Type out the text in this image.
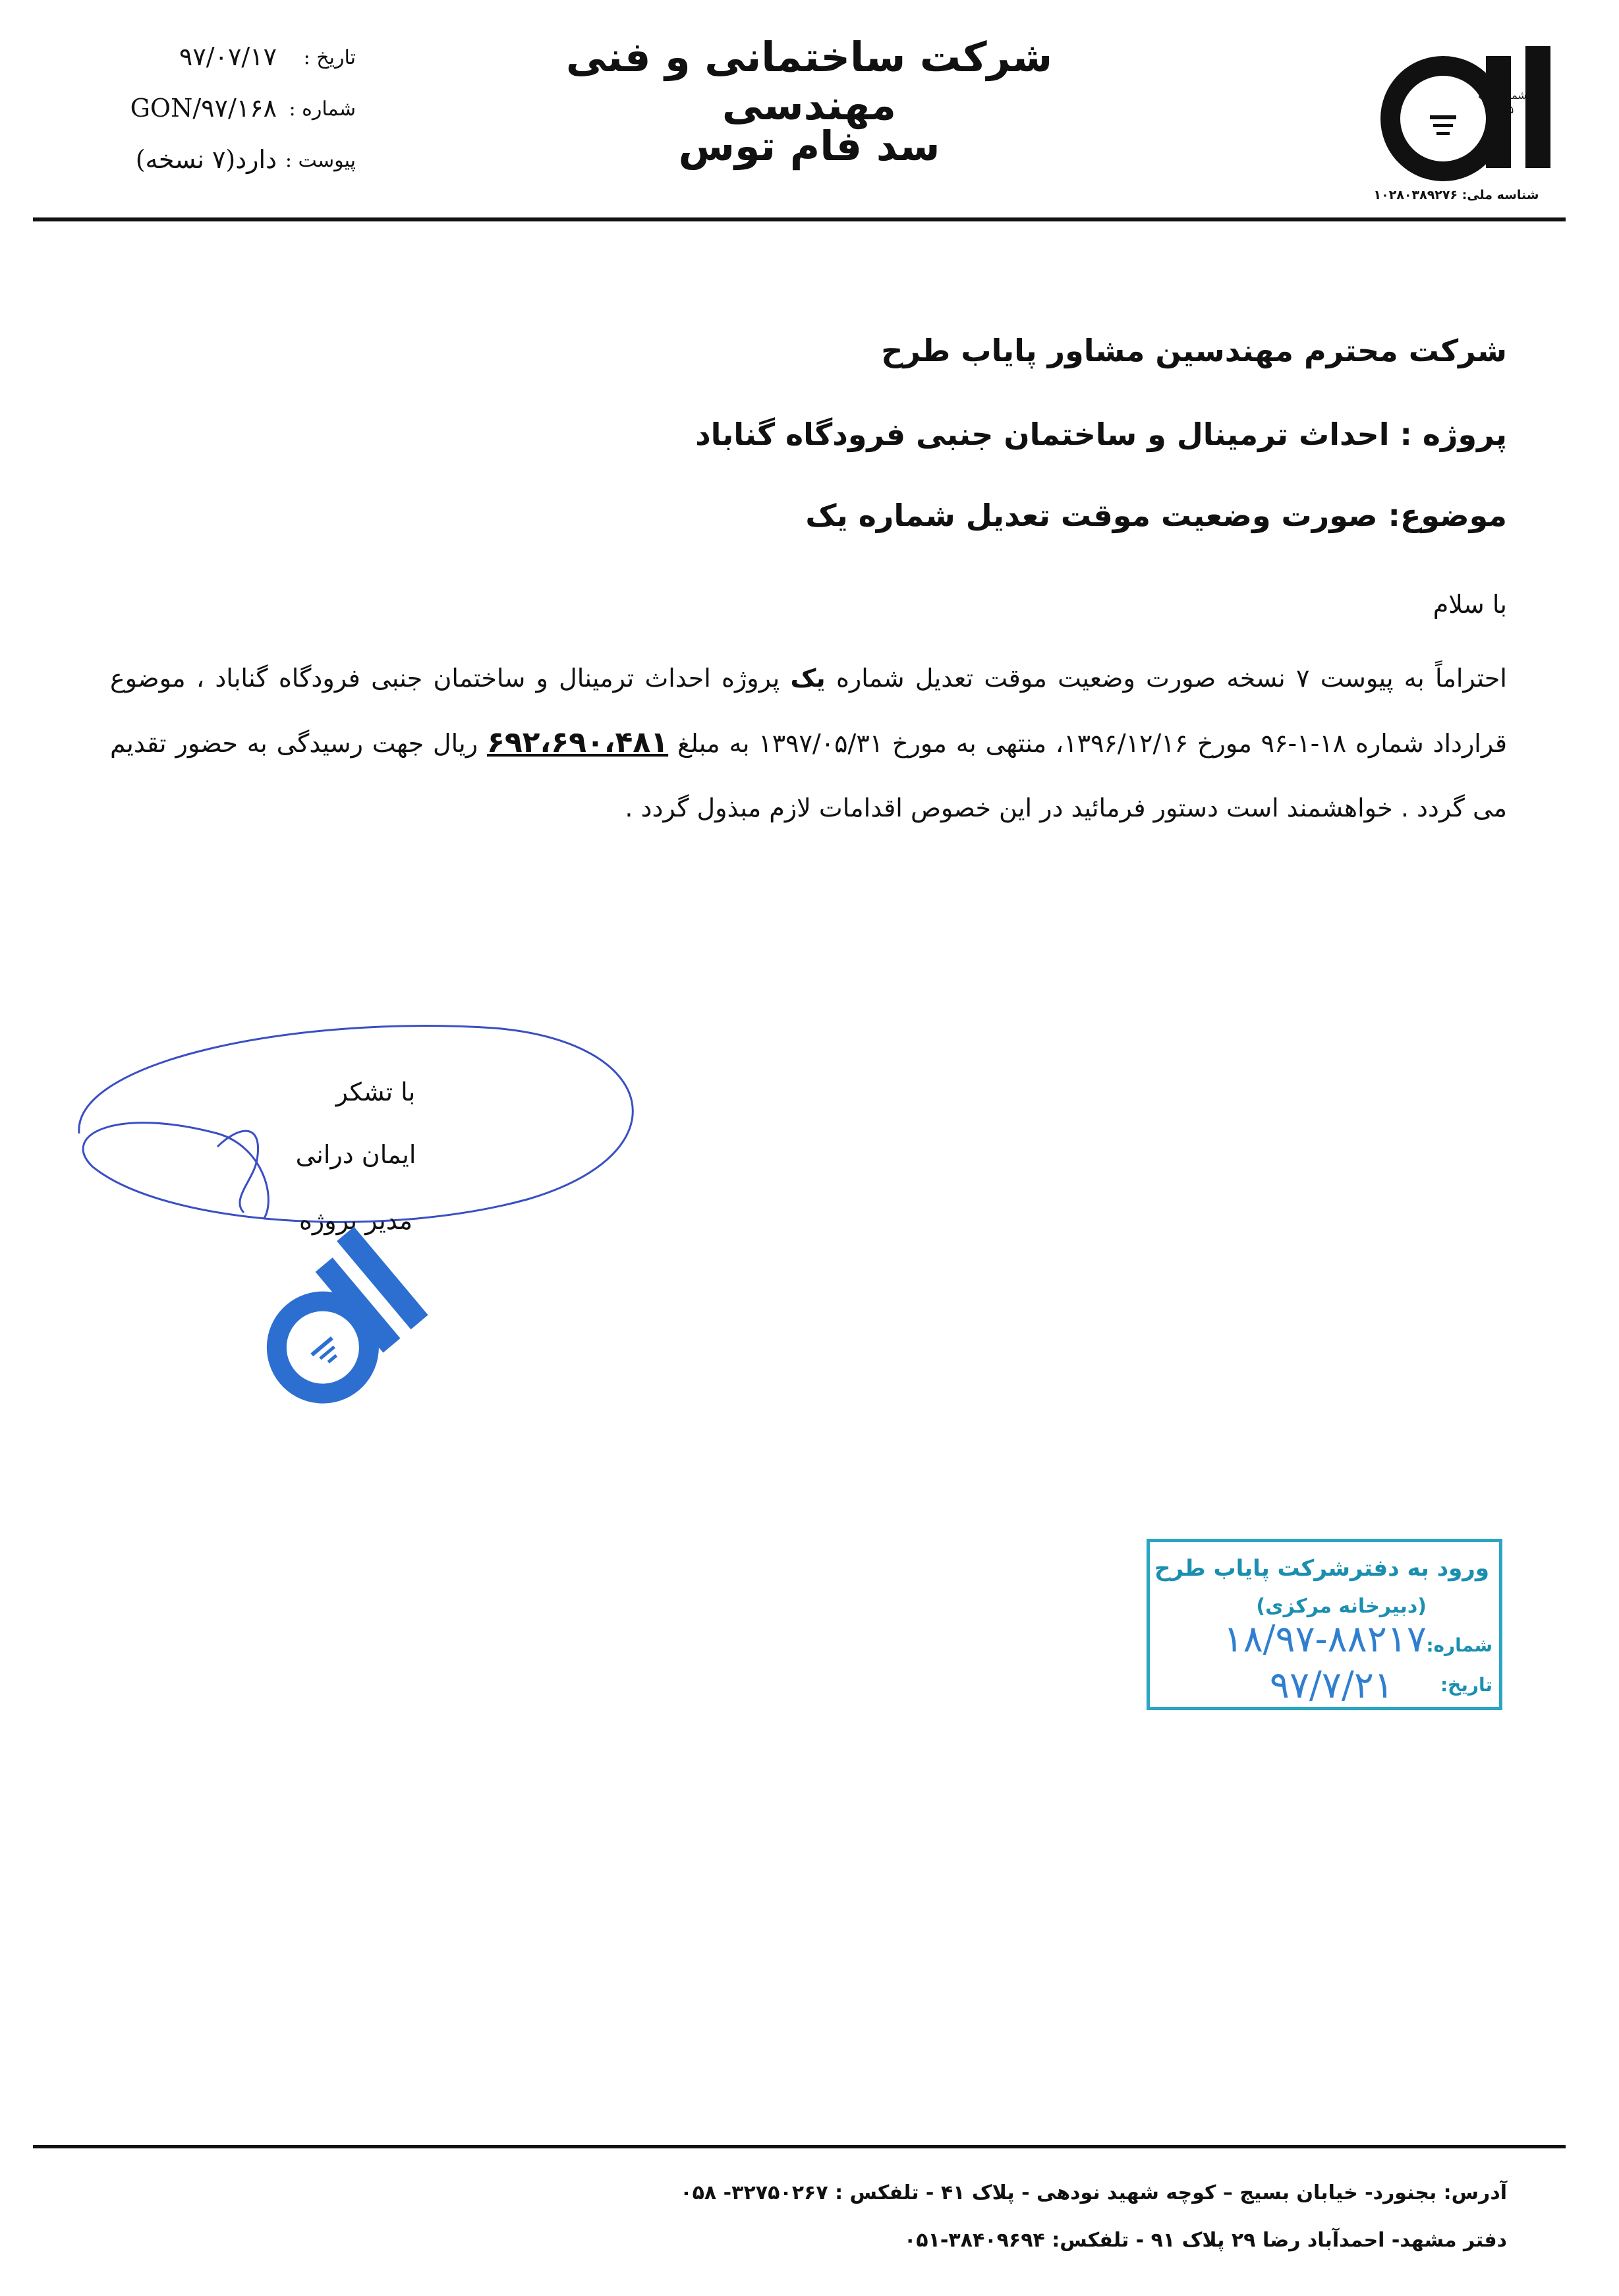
تاریخ :
۹۷/۰۷/۱۷
شماره :
GON/۹۷/۱۶۸
پیوست :
دارد(۷ نسخه)
شرکت ساختمانی و فنی مهندسی
سد فام توس
شماره ثبت
۴۰۶۵
شناسه ملی: ۱۰۲۸۰۳۸۹۲۷۶
شرکت محترم مهندسین مشاور پایاب طرح
پروژه : احداث ترمینال و ساختمان جنبی فرودگاه گناباد
موضوع: صورت وضعیت موقت تعدیل شماره یک
با سلام
احتراماً به پیوست ۷ نسخه صورت وضعیت موقت تعدیل شماره یک پروژه احداث ترمینال و ساختمان جنبی فرودگاه گناباد ، موضوع قرارداد شماره ۱۸-۱-۹۶ مورخ ۱۳۹۶/۱۲/۱۶، منتهی به مورخ ۱۳۹۷/۰۵/۳۱ به مبلغ ۶۹۲،۶۹۰،۴۸۱ ریال جهت رسیدگی به حضور تقدیم می گردد . خواهشمند است دستور فرمائید در این خصوص اقدامات لازم مبذول گردد .
با تشکر
ایمان درانی
مدیر پروژه
ورود به دفترشرکت پایاب طرح
(دبیرخانه مرکزی)
شماره:
۱۸/۹۷-۸۸۲۱۷
تاریخ:
۹۷/۷/۲۱
آدرس: بجنورد- خیابان بسیج – کوچه شهید نودهی - پلاک ۴۱ - تلفکس : ۳۲۷۵۰۲۶۷- ۰۵۸
دفتر مشهد- احمدآباد رضا ۲۹ پلاک ۹۱ - تلفکس: ۳۸۴۰۹۶۹۴-۰۵۱
